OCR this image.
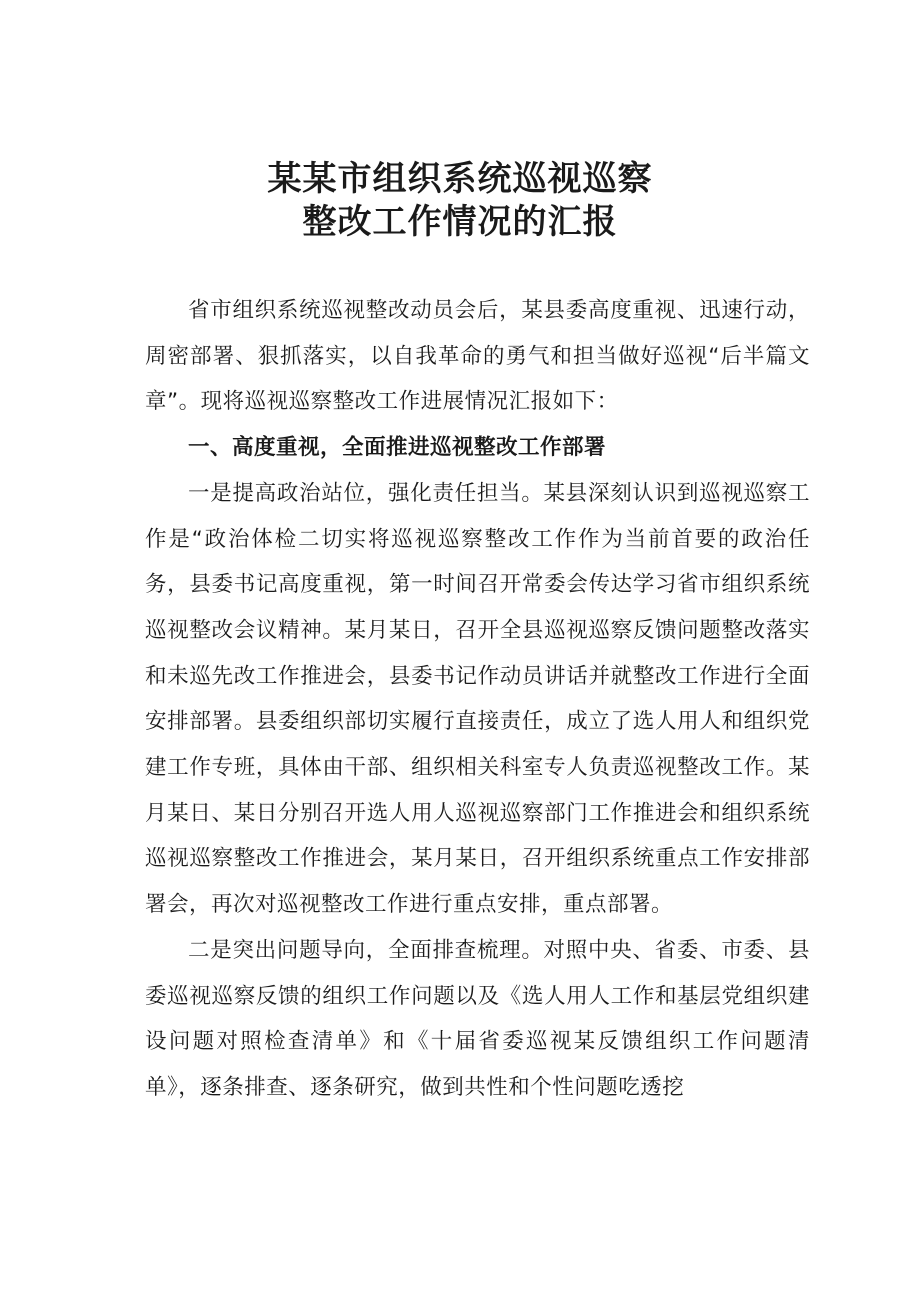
某某市组织系统巡视巡察
整改工作情况的汇报

省市组织系统巡视整改动员会后，某县委高度重视、迅速行动，周密部署、狠抓落实，以自我革命的勇气和担当做好巡视“后半篇文章”。现将巡视巡察整改工作进展情况汇报如下：

一、高度重视，全面推进巡视整改工作部署

一是提高政治站位，强化责任担当。某县深刻认识到巡视巡察工作是“政治体检二切实将巡视巡察整改工作作为当前首要的政治任务，县委书记高度重视，第一时间召开常委会传达学习省市组织系统巡视整改会议精神。某月某日，召开全县巡视巡察反馈问题整改落实和未巡先改工作推进会，县委书记作动员讲话并就整改工作进行全面安排部署。县委组织部切实履行直接责任，成立了选人用人和组织党建工作专班，具体由干部、组织相关科室专人负责巡视整改工作。某月某日、某日分别召开选人用人巡视巡察部门工作推进会和组织系统巡视巡察整改工作推进会，某月某日，召开组织系统重点工作安排部署会，再次对巡视整改工作进行重点安排，重点部署。

二是突出问题导向，全面排查梳理。对照中央、省委、市委、县委巡视巡察反馈的组织工作问题以及《选人用人工作和基层党组织建设问题对照检查清单》和《十届省委巡视某反馈组织工作问题清单》，逐条排查、逐条研究，做到共性和个性问题吃透挖
